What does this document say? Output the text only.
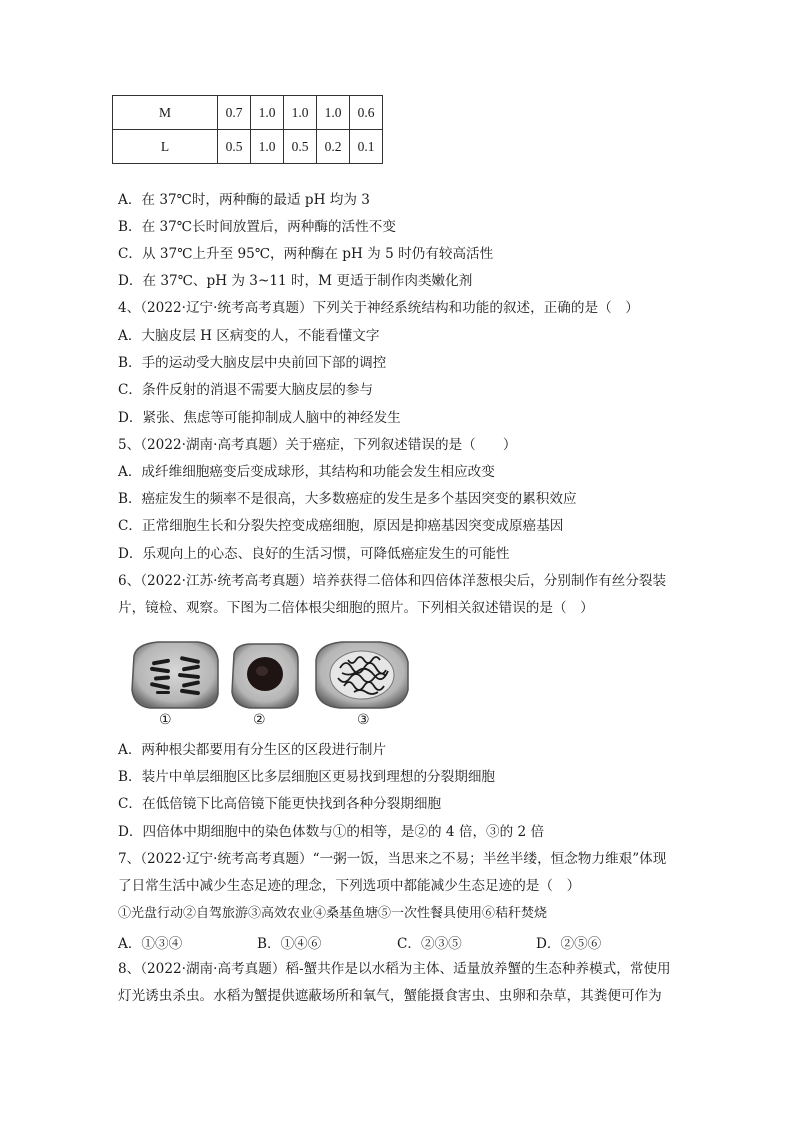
M	0.7	1.0	1.0	1.0	0.6
L	0.5	1.0	0.5	0.2	0.1
A．在 37℃时，两种酶的最适 pH 均为 3
B．在 37℃长时间放置后，两种酶的活性不变
C．从 37℃上升至 95℃，两种酶在 pH 为 5 时仍有较高活性
D．在 37℃、pH 为 3~11 时，M 更适于制作肉类嫩化剂
4、（2022·辽宁·统考高考真题）下列关于神经系统结构和功能的叙述，正确的是（　）
A．大脑皮层 H 区病变的人，不能看懂文字
B．手的运动受大脑皮层中央前回下部的调控
C．条件反射的消退不需要大脑皮层的参与
D．紧张、焦虑等可能抑制成人脑中的神经发生
5、（2022·湖南·高考真题）关于癌症，下列叙述错误的是（　　）
A．成纤维细胞癌变后变成球形，其结构和功能会发生相应改变
B．癌症发生的频率不是很高，大多数癌症的发生是多个基因突变的累积效应
C．正常细胞生长和分裂失控变成癌细胞，原因是抑癌基因突变成原癌基因
D．乐观向上的心态、良好的生活习惯，可降低癌症发生的可能性
6、（2022·江苏·统考高考真题）培养获得二倍体和四倍体洋葱根尖后，分别制作有丝分裂装
片，镜检、观察。下图为二倍体根尖细胞的照片。下列相关叙述错误的是（　）
①	②	③
A．两种根尖都要用有分生区的区段进行制片
B．装片中单层细胞区比多层细胞区更易找到理想的分裂期细胞
C．在低倍镜下比高倍镜下能更快找到各种分裂期细胞
D．四倍体中期细胞中的染色体数与①的相等，是②的 4 倍，③的 2 倍
7、（2022·辽宁·统考高考真题）“一粥一饭，当思来之不易；半丝半缕，恒念物力维艰”体现
了日常生活中减少生态足迹的理念，下列选项中都能减少生态足迹的是（　）
①光盘行动②自驾旅游③高效农业④桑基鱼塘⑤一次性餐具使用⑥秸秆焚烧
A．①③④	B．①④⑥	C．②③⑤	D．②⑤⑥
8、（2022·湖南·高考真题）稻-蟹共作是以水稻为主体、适量放养蟹的生态种养模式，常使用
灯光诱虫杀虫。水稻为蟹提供遮蔽场所和氧气，蟹能摄食害虫、虫卵和杂草，其粪便可作为
